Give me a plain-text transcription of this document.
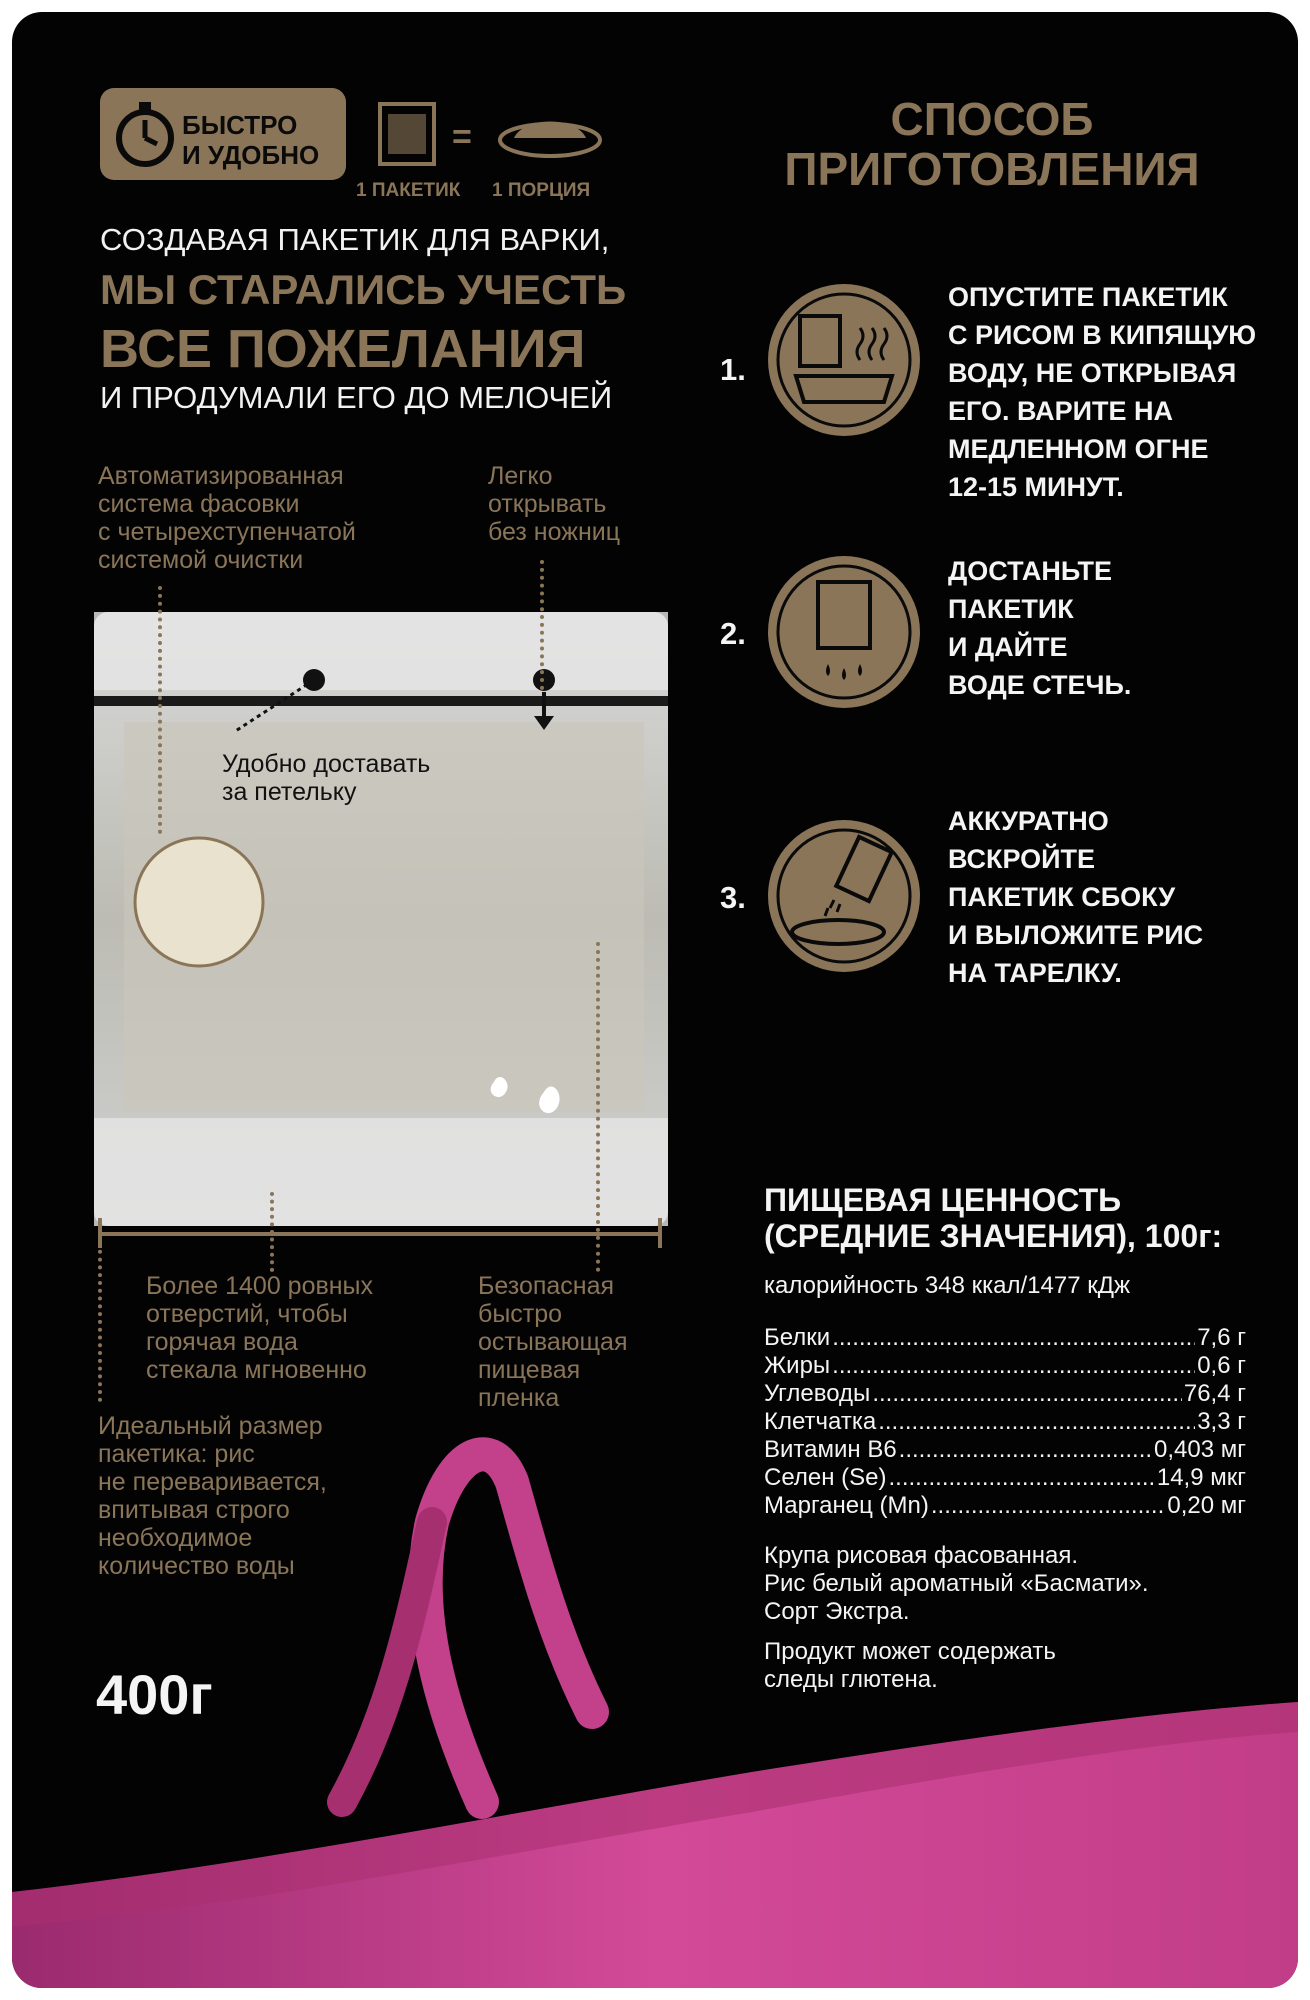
БЫСТРО
И УДОБНО	=
1 ПАКЕТИК 1 ПОРЦИЯ
СОЗДАВАЯ ПАКЕТИК ДЛЯ ВАРКИ,
МЫ СТАРАЛИСЬ УЧЕСТЬ
ВСЕ ПОЖЕЛАНИЯ
И ПРОДУМАЛИ ЕГО ДО МЕЛОЧЕЙ
Автоматизированная
система фасовки
с четырехступенчатой
системой очистки
Легко
открывать
без ножниц
Удобно доставать
за петельку
Более 1400 ровных
отверстий, чтобы
горячая вода
стекала мгновенно
Безопасная
быстро
остывающая
пищевая
пленка
Идеальный размер
пакетика: рис
не переваривается,
впитывая строго
необходимое
количество воды
СПОСОБ
ПРИГОТОВЛЕНИЯ
1.
ОПУСТИТЕ ПАКЕТИК
С РИСОМ В КИПЯЩУЮ
ВОДУ, НЕ ОТКРЫВАЯ
ЕГО. ВАРИТЕ НА
МЕДЛЕННОМ ОГНЕ
12-15 МИНУТ.
2.
ДОСТАНЬТЕ
ПАКЕТИК
И ДАЙТЕ
ВОДЕ СТЕЧЬ.
3.
АККУРАТНО
ВСКРОЙТЕ
ПАКЕТИК СБОКУ
И ВЫЛОЖИТЕ РИС
НА ТАРЕЛКУ.
ПИЩЕВАЯ ЦЕННОСТЬ
(СРЕДНИЕ ЗНАЧЕНИЯ), 100г:
калорийность 348 ккал/1477 кДж
Белки .....	7,6 г
Жиры .....	0,6 г
Углеводы .....	76,4 г
Клетчатка .....	3,3 г
Витамин В6 .....	0,403 мг
Селен (Se) .....	14,9 мкг
Марганец (Mn) .....	0,20 мг
Крупа рисовая фасованная.
Рис белый ароматный «Басмати».
Сорт Экстра.
Продукт может содержать
следы глютена.
400г
